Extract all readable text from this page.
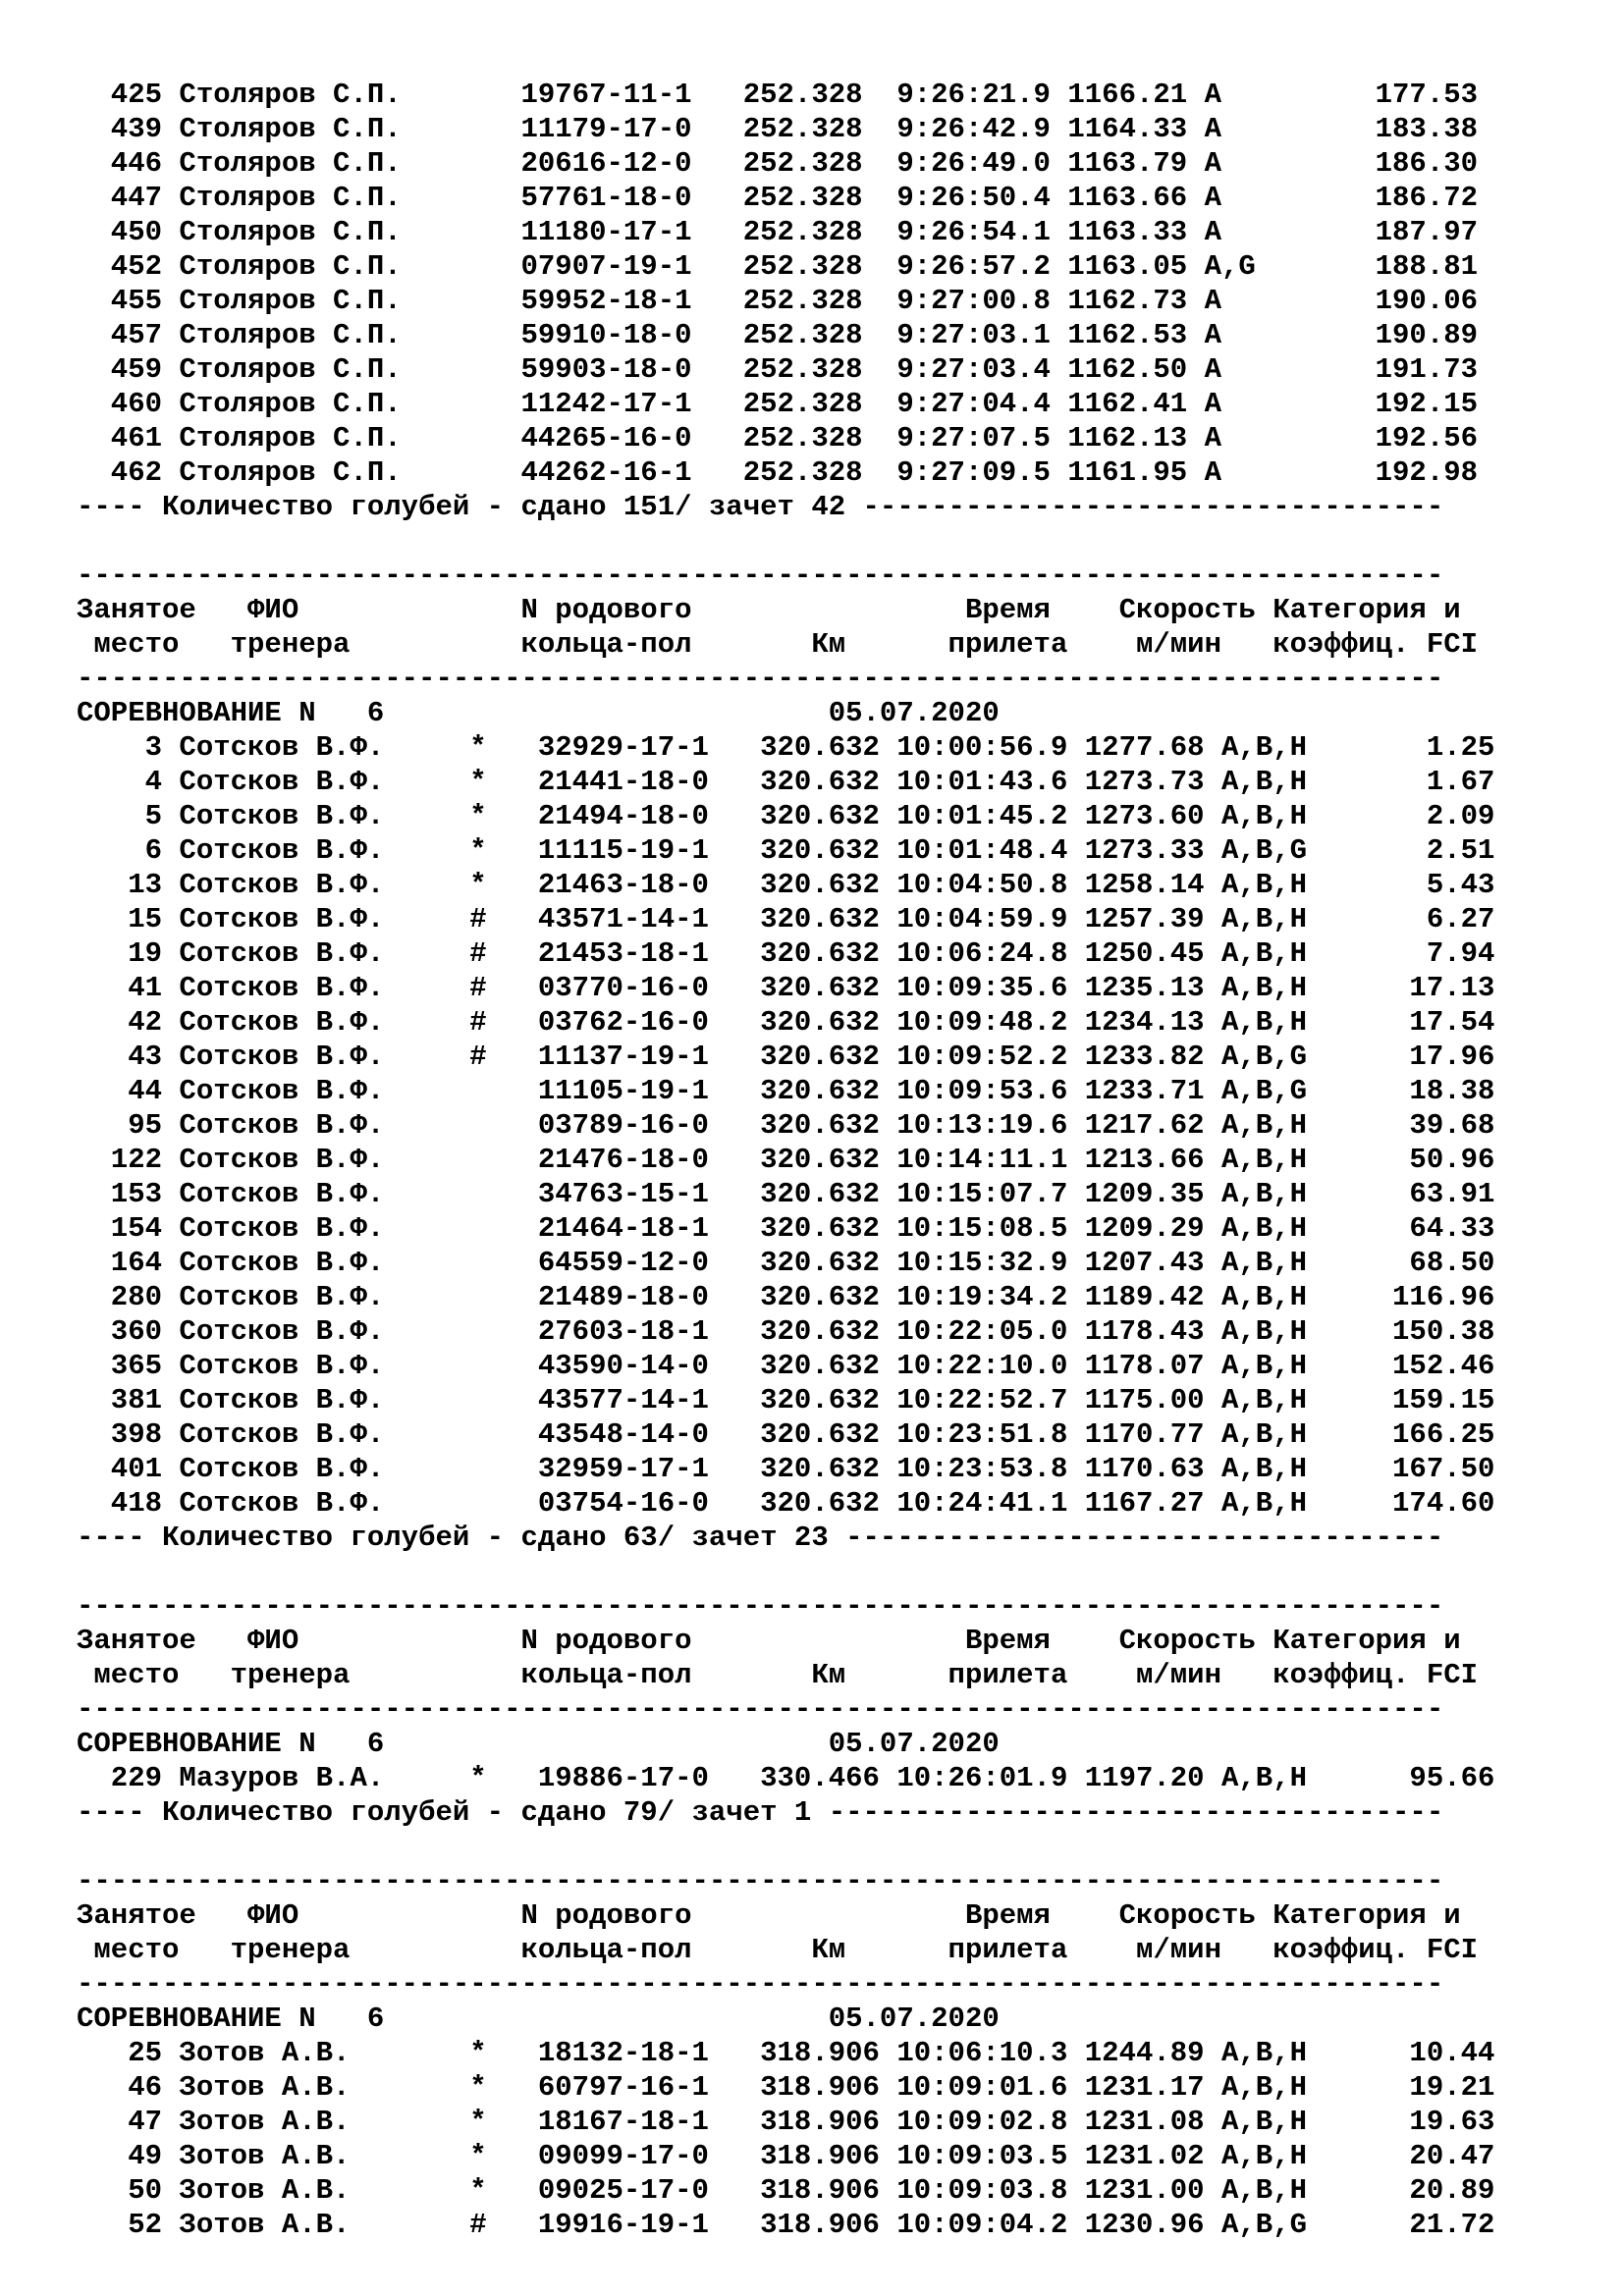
425 Столяров С.П.       19767-11-1   252.328  9:26:21.9 1166.21 A         177.53
439 Столяров С.П.       11179-17-0   252.328  9:26:42.9 1164.33 A         183.38
446 Столяров С.П.       20616-12-0   252.328  9:26:49.0 1163.79 A         186.30
447 Столяров С.П.       57761-18-0   252.328  9:26:50.4 1163.66 A         186.72
450 Столяров С.П.       11180-17-1   252.328  9:26:54.1 1163.33 A         187.97
452 Столяров С.П.       07907-19-1   252.328  9:26:57.2 1163.05 A,G       188.81
455 Столяров С.П.       59952-18-1   252.328  9:27:00.8 1162.73 A         190.06
457 Столяров С.П.       59910-18-0   252.328  9:27:03.1 1162.53 A         190.89
459 Столяров С.П.       59903-18-0   252.328  9:27:03.4 1162.50 A         191.73
460 Столяров С.П.       11242-17-1   252.328  9:27:04.4 1162.41 A         192.15
461 Столяров С.П.       44265-16-0   252.328  9:27:07.5 1162.13 A         192.56
462 Столяров С.П.       44262-16-1   252.328  9:27:09.5 1161.95 A         192.98
---- Количество голубей - сдано 151/ зачет 42 ----------------------------------

--------------------------------------------------------------------------------
Занятое   ФИО             N родового                Время    Скорость Категория и
место   тренера          кольца-пол       Км      прилета    м/мин   коэффиц. FCI
--------------------------------------------------------------------------------
СОРЕВНОВАНИЕ N   6                          05.07.2020
3 Сотсков В.Ф.     *   32929-17-1   320.632 10:00:56.9 1277.68 A,B,H       1.25
4 Сотсков В.Ф.     *   21441-18-0   320.632 10:01:43.6 1273.73 A,B,H       1.67
5 Сотсков В.Ф.     *   21494-18-0   320.632 10:01:45.2 1273.60 A,B,H       2.09
6 Сотсков В.Ф.     *   11115-19-1   320.632 10:01:48.4 1273.33 A,B,G       2.51
13 Сотсков В.Ф.     *   21463-18-0   320.632 10:04:50.8 1258.14 A,B,H       5.43
15 Сотсков В.Ф.     #   43571-14-1   320.632 10:04:59.9 1257.39 A,B,H       6.27
19 Сотсков В.Ф.     #   21453-18-1   320.632 10:06:24.8 1250.45 A,B,H       7.94
41 Сотсков В.Ф.     #   03770-16-0   320.632 10:09:35.6 1235.13 A,B,H      17.13
42 Сотсков В.Ф.     #   03762-16-0   320.632 10:09:48.2 1234.13 A,B,H      17.54
43 Сотсков В.Ф.     #   11137-19-1   320.632 10:09:52.2 1233.82 A,B,G      17.96
44 Сотсков В.Ф.         11105-19-1   320.632 10:09:53.6 1233.71 A,B,G      18.38
95 Сотсков В.Ф.         03789-16-0   320.632 10:13:19.6 1217.62 A,B,H      39.68
122 Сотсков В.Ф.         21476-18-0   320.632 10:14:11.1 1213.66 A,B,H      50.96
153 Сотсков В.Ф.         34763-15-1   320.632 10:15:07.7 1209.35 A,B,H      63.91
154 Сотсков В.Ф.         21464-18-1   320.632 10:15:08.5 1209.29 A,B,H      64.33
164 Сотсков В.Ф.         64559-12-0   320.632 10:15:32.9 1207.43 A,B,H      68.50
280 Сотсков В.Ф.         21489-18-0   320.632 10:19:34.2 1189.42 A,B,H     116.96
360 Сотсков В.Ф.         27603-18-1   320.632 10:22:05.0 1178.43 A,B,H     150.38
365 Сотсков В.Ф.         43590-14-0   320.632 10:22:10.0 1178.07 A,B,H     152.46
381 Сотсков В.Ф.         43577-14-1   320.632 10:22:52.7 1175.00 A,B,H     159.15
398 Сотсков В.Ф.         43548-14-0   320.632 10:23:51.8 1170.77 A,B,H     166.25
401 Сотсков В.Ф.         32959-17-1   320.632 10:23:53.8 1170.63 A,B,H     167.50
418 Сотсков В.Ф.         03754-16-0   320.632 10:24:41.1 1167.27 A,B,H     174.60
---- Количество голубей - сдано 63/ зачет 23 -----------------------------------

--------------------------------------------------------------------------------
Занятое   ФИО             N родового                Время    Скорость Категория и
место   тренера          кольца-пол       Км      прилета    м/мин   коэффиц. FCI
--------------------------------------------------------------------------------
СОРЕВНОВАНИЕ N   6                          05.07.2020
229 Мазуров В.А.     *   19886-17-0   330.466 10:26:01.9 1197.20 A,B,H      95.66
---- Количество голубей - сдано 79/ зачет 1 ------------------------------------

--------------------------------------------------------------------------------
Занятое   ФИО             N родового                Время    Скорость Категория и
место   тренера          кольца-пол       Км      прилета    м/мин   коэффиц. FCI
--------------------------------------------------------------------------------
СОРЕВНОВАНИЕ N   6                          05.07.2020
25 Зотов А.В.       *   18132-18-1   318.906 10:06:10.3 1244.89 A,B,H      10.44
46 Зотов А.В.       *   60797-16-1   318.906 10:09:01.6 1231.17 A,B,H      19.21
47 Зотов А.В.       *   18167-18-1   318.906 10:09:02.8 1231.08 A,B,H      19.63
49 Зотов А.В.       *   09099-17-0   318.906 10:09:03.5 1231.02 A,B,H      20.47
50 Зотов А.В.       *   09025-17-0   318.906 10:09:03.8 1231.00 A,B,H      20.89
52 Зотов А.В.       #   19916-19-1   318.906 10:09:04.2 1230.96 A,B,G      21.72
